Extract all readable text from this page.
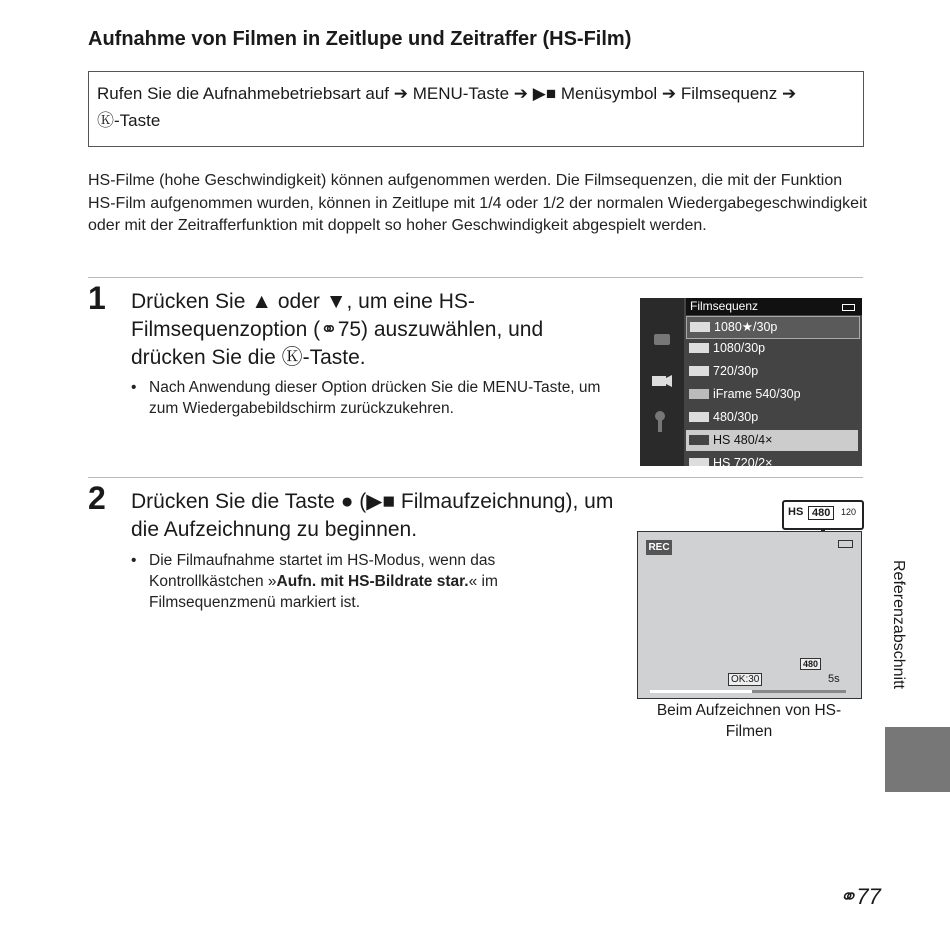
Aufnahme von Filmen in Zeitlupe und Zeitraffer (HS-Film)
Rufen Sie die Aufnahmebetriebsart auf ➔ MENU-Taste ➔ ▶■ Menüsymbol ➔ Filmsequenz ➔
Ⓚ-Taste
HS-Filme (hohe Geschwindigkeit) können aufgenommen werden. Die Filmsequenzen, die mit der Funktion HS-Film aufgenommen wurden, können in Zeitlupe mit 1/4 oder 1/2 der normalen Wiedergabegeschwindigkeit oder mit der Zeitrafferfunktion mit doppelt so hoher Geschwindigkeit abgespielt werden.
1 Drücken Sie ▲ oder ▼, um eine HS-Filmsequenzoption (⚭75) auszuwählen, und drücken Sie die Ⓚ-Taste.
• Nach Anwendung dieser Option drücken Sie die MENU-Taste, um zum Wiedergabebildschirm zurückzukehren.
Filmsequenz
1080★/30p
1080/30p
720/30p
iFrame 540/30p
480/30p
HS 480/4×
HS 720/2×
2 Drücken Sie die Taste ● (▶■ Filmaufzeichnung), um die Aufzeichnung zu beginnen.
• Die Filmaufnahme startet im HS-Modus, wenn das Kontrollkästchen »Aufn. mit HS-Bildrate star.« im Filmsequenzmenü markiert ist.
HS 480	120
REC
480
OK:30	5s
Beim Aufzeichnen von HS-Filmen
Referenzabschnitt
⚭77
